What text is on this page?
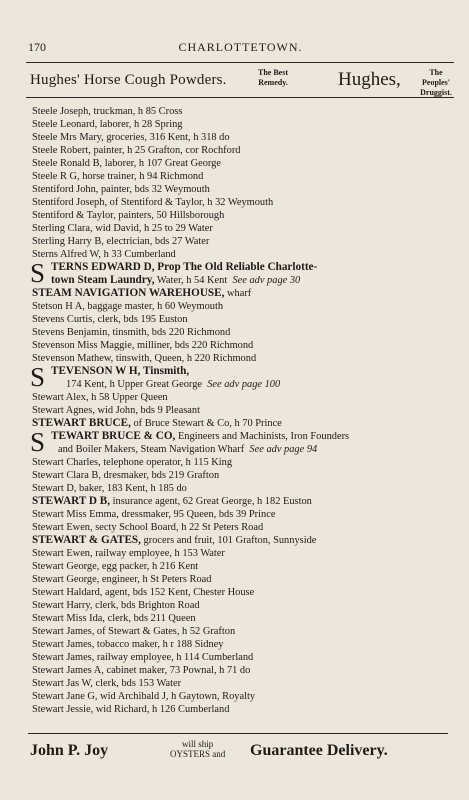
170	CHARLOTTETOWN.
Hughes' Horse Cough Powders.	The Best
Remedy.	Hughes,	The Peoples'
Druggist.
Steele Joseph, truckman, h 85 Cross
Steele Leonard, laborer, h 28 Spring
Steele Mrs Mary, groceries, 316 Kent, h 318 do
Steele Robert, painter, h 25 Grafton, cor Rochford
Steele Ronald B, laborer, h 107 Great George
Steele R G, horse trainer, h 94 Richmond
Stentiford John, painter, bds 32 Weymouth
Stentiford Joseph, of Stentiford & Taylor, h 32 Weymouth
Stentiford & Taylor, painters, 50 Hillsborough
Sterling Clara, wid David, h 25 to 29 Water
Sterling Harry B, electrician, bds 27 Water
Sterns Alfred W, h 33 Cumberland
S TERNS EDWARD D, Prop The Old Reliable Charlotte-
town Steam Laundry, Water, h 54 Kent See adv page 30
STEAM NAVIGATION WAREHOUSE, wharf
Stetson H A, baggage master, h 60 Weymouth
Stevens Curtis, clerk, bds 195 Euston
Stevens Benjamin, tinsmith, bds 220 Richmond
Stevenson Miss Maggie, milliner, bds 220 Richmond
Stevenson Mathew, tinswith, Queen, h 220 Richmond
S TEVENSON W H, Tinsmith,
174 Kent, h Upper Great George See adv page 100
Stewart Alex, h 58 Upper Queen
Stewart Agnes, wid John, bds 9 Pleasant
STEWART BRUCE, of Bruce Stewart & Co, h 70 Prince
S TEWART BRUCE & CO, Engineers and Machinists, Iron Founders
and Boiler Makers, Steam Navigation Wharf See adv page 94
Stewart Charles, telephone operator, h 115 King
Stewart Clara B, dresmaker, bds 219 Grafton
Stewart D, baker, 183 Kent, h 185 do
STEWART D B, insurance agent, 62 Great George, h 182 Euston
Stewart Miss Emma, dressmaker, 95 Queen, bds 39 Prince
Stewart Ewen, secty School Board, h 22 St Peters Road
STEWART & GATES, grocers and fruit, 101 Grafton, Sunnyside
Stewart Ewen, railway employee, h 153 Water
Stewart George, egg packer, h 216 Kent
Stewart George, engineer, h St Peters Road
Stewart Haldard, agent, bds 152 Kent, Chester House
Stewart Harry, clerk, bds Brighton Road
Stewart Miss Ida, clerk, bds 211 Queen
Stewart James, of Stewart & Gates, h 52 Grafton
Stewart James, tobacco maker, h r 188 Sidney
Stewart James, railway employee, h 114 Cumberland
Stewart James A, cabinet maker, 73 Pownal, h 71 do
Stewart Jas W, clerk, bds 153 Water
Stewart Jane G, wid Archibald J, h Gaytown, Royalty
Stewart Jessie, wid Richard, h 126 Cumberland
John P. Joy	will ship
OYSTERS and Guarantee Delivery.
